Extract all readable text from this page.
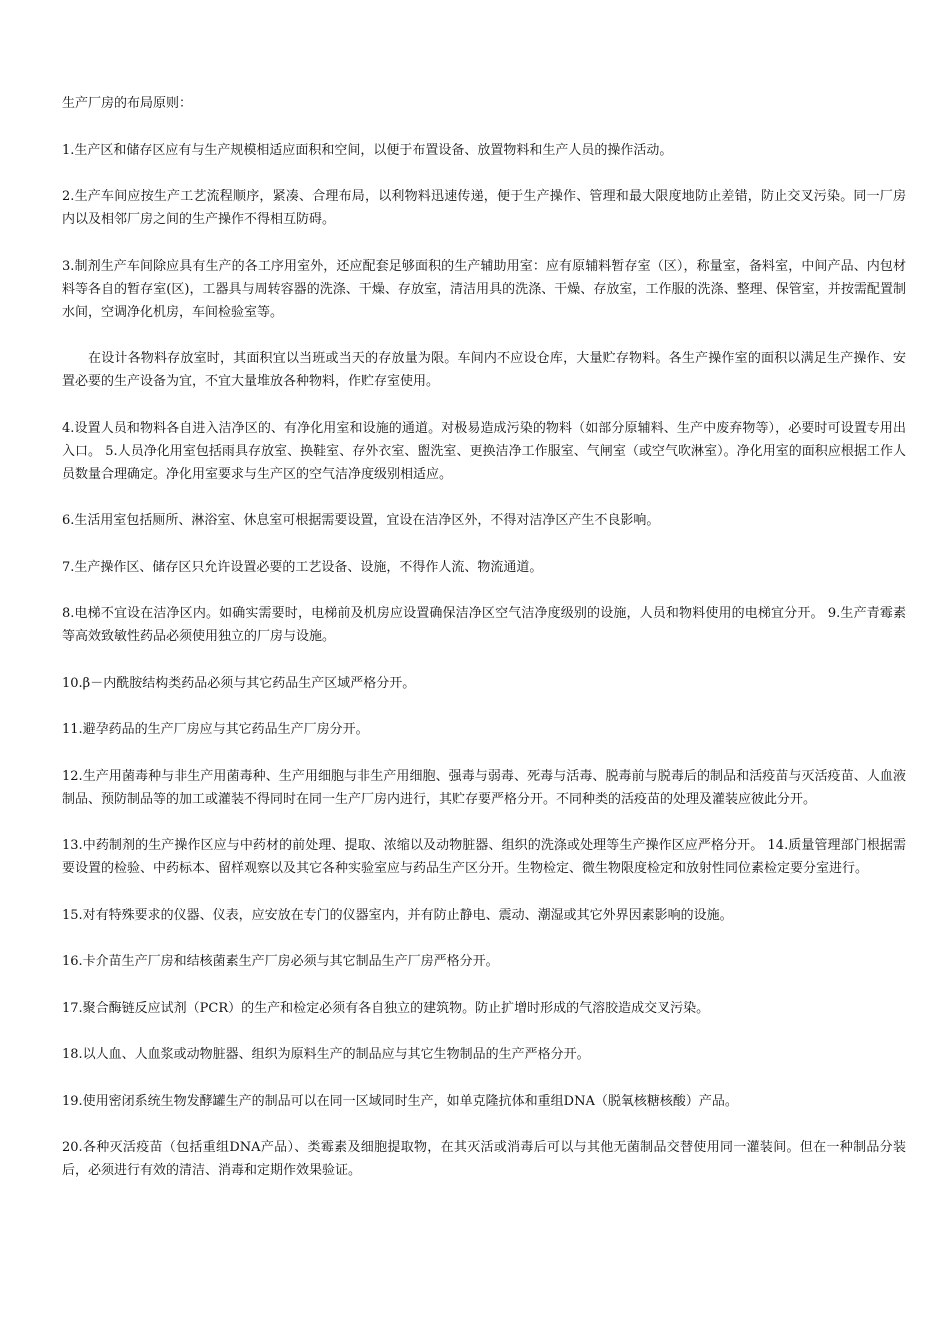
生产厂房的布局原则：

1.生产区和储存区应有与生产规模相适应面积和空间，以便于布置设备、放置物料和生产人员的操作活动。

2.生产车间应按生产工艺流程顺序，紧凑、合理布局，以利物料迅速传递，便于生产操作、管理和最大限度地防止差错，防止交叉污染。同一厂房内以及相邻厂房之间的生产操作不得相互防碍。

3.制剂生产车间除应具有生产的各工序用室外，还应配套足够面积的生产辅助用室：应有原辅料暂存室（区），称量室，备料室，中间产品、内包材料等各自的暂存室(区)，工器具与周转容器的洗涤、干燥、存放室，清洁用具的洗涤、干燥、存放室，工作服的洗涤、整理、保管室，并按需配置制水间，空调净化机房，车间检验室等。

在设计各物料存放室时，其面积宜以当班或当天的存放量为限。车间内不应设仓库，大量贮存物料。各生产操作室的面积以满足生产操作、安置必要的生产设备为宜，不宜大量堆放各种物料，作贮存室使用。

4.设置人员和物料各自进入洁净区的、有净化用室和设施的通道。对极易造成污染的物料（如部分原辅料、生产中废弃物等），必要时可设置专用出入口。 5.人员净化用室包括雨具存放室、换鞋室、存外衣室、盥洗室、更换洁净工作服室、气闸室（或空气吹淋室）。净化用室的面积应根据工作人员数量合理确定。净化用室要求与生产区的空气洁净度级别相适应。

6.生活用室包括厕所、淋浴室、休息室可根据需要设置，宜设在洁净区外，不得对洁净区产生不良影响。

7.生产操作区、储存区只允许设置必要的工艺设备、设施，不得作人流、物流通道。

8.电梯不宜设在洁净区内。如确实需要时，电梯前及机房应设置确保洁净区空气洁净度级别的设施，人员和物料使用的电梯宜分开。 9.生产青霉素等高效致敏性药品必须使用独立的厂房与设施。

10.β－内酰胺结构类药品必须与其它药品生产区域严格分开。

11.避孕药品的生产厂房应与其它药品生产厂房分开。

12.生产用菌毒种与非生产用菌毒种、生产用细胞与非生产用细胞、强毒与弱毒、死毒与活毒、脱毒前与脱毒后的制品和活疫苗与灭活疫苗、人血液制品、预防制品等的加工或灌装不得同时在同一生产厂房内进行，其贮存要严格分开。不同种类的活疫苗的处理及灌装应彼此分开。

13.中药制剂的生产操作区应与中药材的前处理、提取、浓缩以及动物脏器、组织的洗涤或处理等生产操作区应严格分开。 14.质量管理部门根据需要设置的检验、中药标本、留样观察以及其它各种实验室应与药品生产区分开。生物检定、微生物限度检定和放射性同位素检定要分室进行。

15.对有特殊要求的仪器、仪表，应安放在专门的仪器室内，并有防止静电、震动、潮湿或其它外界因素影响的设施。

16.卡介苗生产厂房和结核菌素生产厂房必须与其它制品生产厂房严格分开。

17.聚合酶链反应试剂（PCR）的生产和检定必须有各自独立的建筑物。防止扩增时形成的气溶胶造成交叉污染。

18.以人血、人血浆或动物脏器、组织为原料生产的制品应与其它生物制品的生产严格分开。

19.使用密闭系统生物发酵罐生产的制品可以在同一区域同时生产，如单克隆抗体和重组DNA（脱氧核糖核酸）产品。

20.各种灭活疫苗（包括重组DNA产品）、类霉素及细胞提取物，在其灭活或消毒后可以与其他无菌制品交替使用同一灌装间。但在一种制品分装后，必须进行有效的清洁、消毒和定期作效果验证。
